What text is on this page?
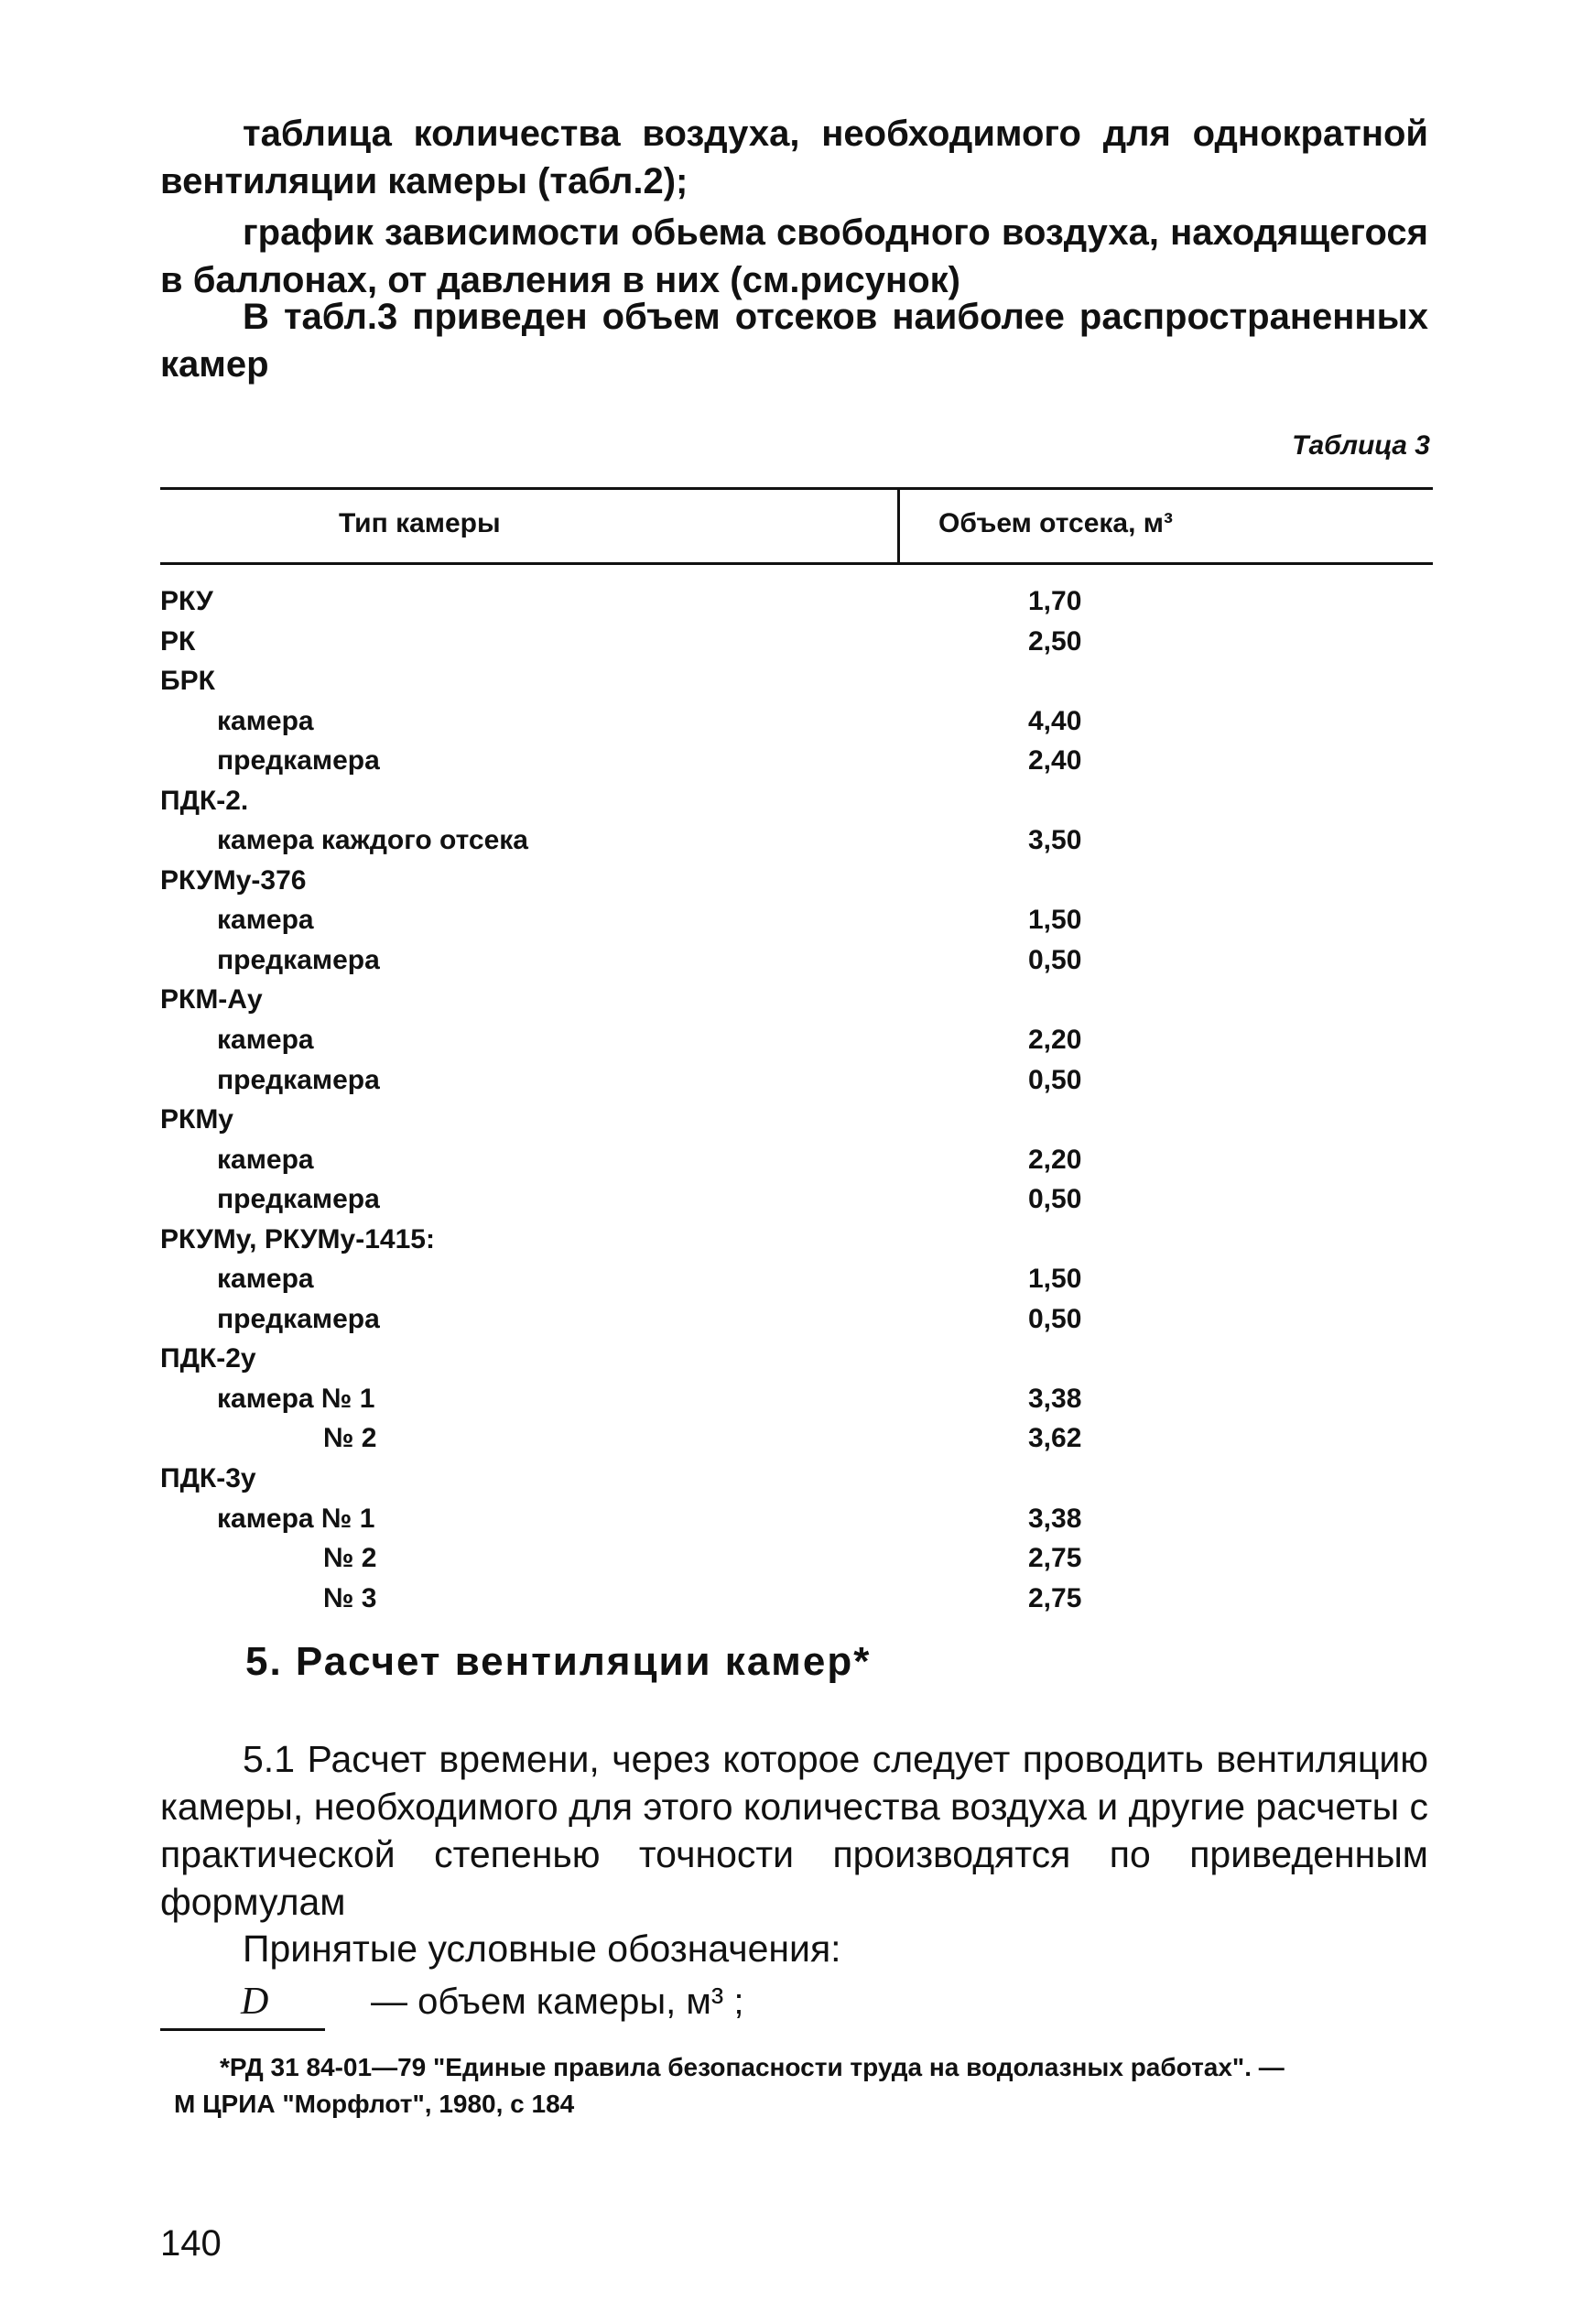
таблица количества воздуха, необходимого для однократной вентиляции камеры (табл.2);

график зависимости обьема свободного воздуха, находящегося в баллонах, от давления в них (см.рисунок)

В табл.3 приведен объем отсеков наиболее распространенных камер

Таблица 3
Тип камеры	Объем отсека, м³
РКУ	1,70
РК	2,50
БРК
камера	4,40
предкамера	2,40
ПДК-2.
камера каждого отсека	3,50
РКУМу-376
камера	1,50
предкамера	0,50
РКМ-Ау
камера	2,20
предкамера	0,50
РКМу
камера	2,20
предкамера	0,50
РКУМу, РКУМу-1415:
камера	1,50
предкамера	0,50
ПДК-2у
камера № 1	3,38
№ 2	3,62
ПДК-3у
камера № 1	3,38
№ 2	2,75
№ 3	2,75
5. Расчет вентиляции камер*

5.1 Расчет времени, через которое следует проводить вентиляцию камеры, необходимого для этого количества воздуха и другие расчеты с практической степенью точности производятся по приведенным формулам

Принятые условные обозначения:

D	— объем камеры, м³ ;
*РД 31 84-01—79 "Единые правила безопасности труда на водолазных работах". —
М ЦРИА "Морфлот", 1980, с 184
140
